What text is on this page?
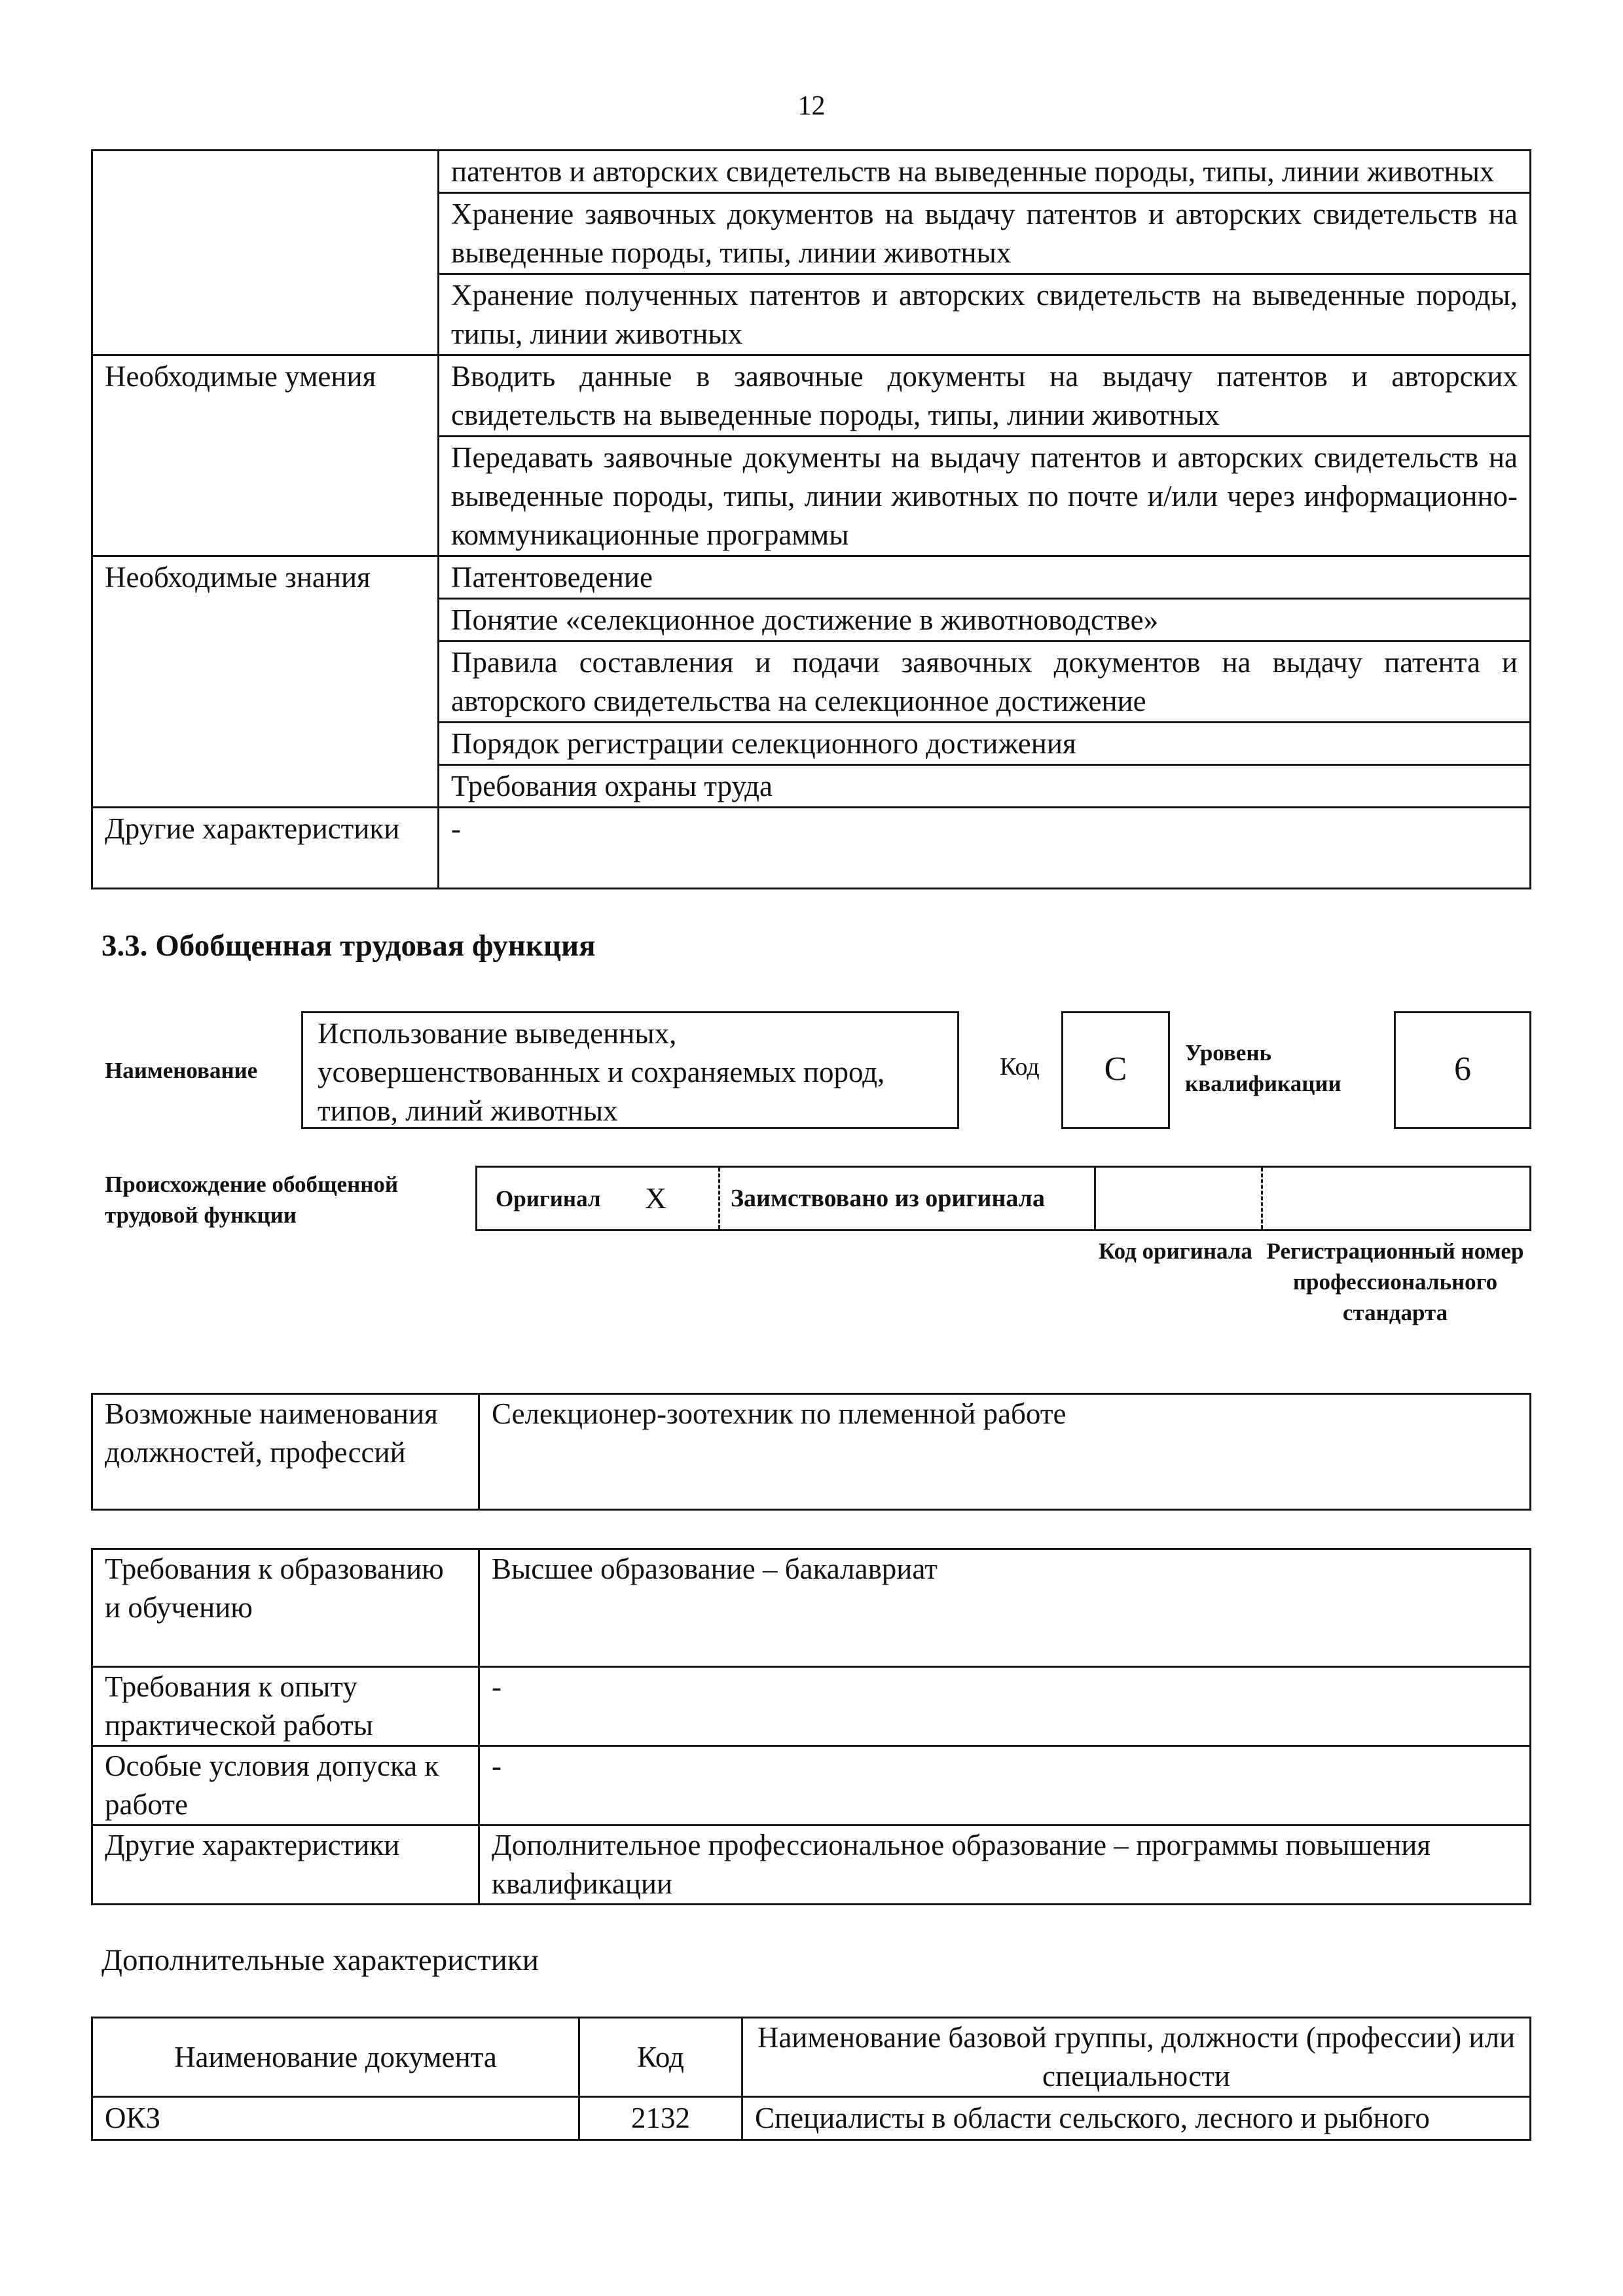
12
	патентов и авторских свидетельств на выведенные породы, типы, линии животных
	Хранение заявочных документов на выдачу патентов и авторских свидетельств на выведенные породы, типы, линии животных
	Хранение полученных патентов и авторских свидетельств на выведенные породы, типы, линии животных
Необходимые умения	Вводить данные в заявочные документы на выдачу патентов и авторских свидетельств на выведенные породы, типы, линии животных
	Передавать заявочные документы на выдачу патентов и авторских свидетельств на выведенные породы, типы, линии животных по почте и/или через информационно-коммуникационные программы
Необходимые знания	Патентоведение
	Понятие «селекционное достижение в животноводстве»
	Правила составления и подачи заявочных документов на выдачу патента и авторского свидетельства на селекционное достижение
	Порядок регистрации селекционного достижения
	Требования охраны труда
Другие характеристики	-
3.3. Обобщенная трудовая функция
Наименование
Использование выведенных, усовершенствованных и сохраняемых пород, типов, линий животных
Код	C	Уровень квалификации	6
Происхождение обобщенной трудовой функции
Оригинал X	Заимствовано из оригинала
Код оригинала Регистрационный номер профессионального стандарта
Возможные наименования должностей, профессий	Селекционер-зоотехник по племенной работе
Требования к образованию и обучению	Высшее образование – бакалавриат
Требования к опыту практической работы	-
Особые условия допуска к работе	-
Другие характеристики	Дополнительное профессиональное образование – программы повышения квалификации
Дополнительные характеристики
Наименование документа	Код	Наименование базовой группы, должности (профессии) или специальности
ОКЗ	2132	Специалисты в области сельского, лесного и рыбного
